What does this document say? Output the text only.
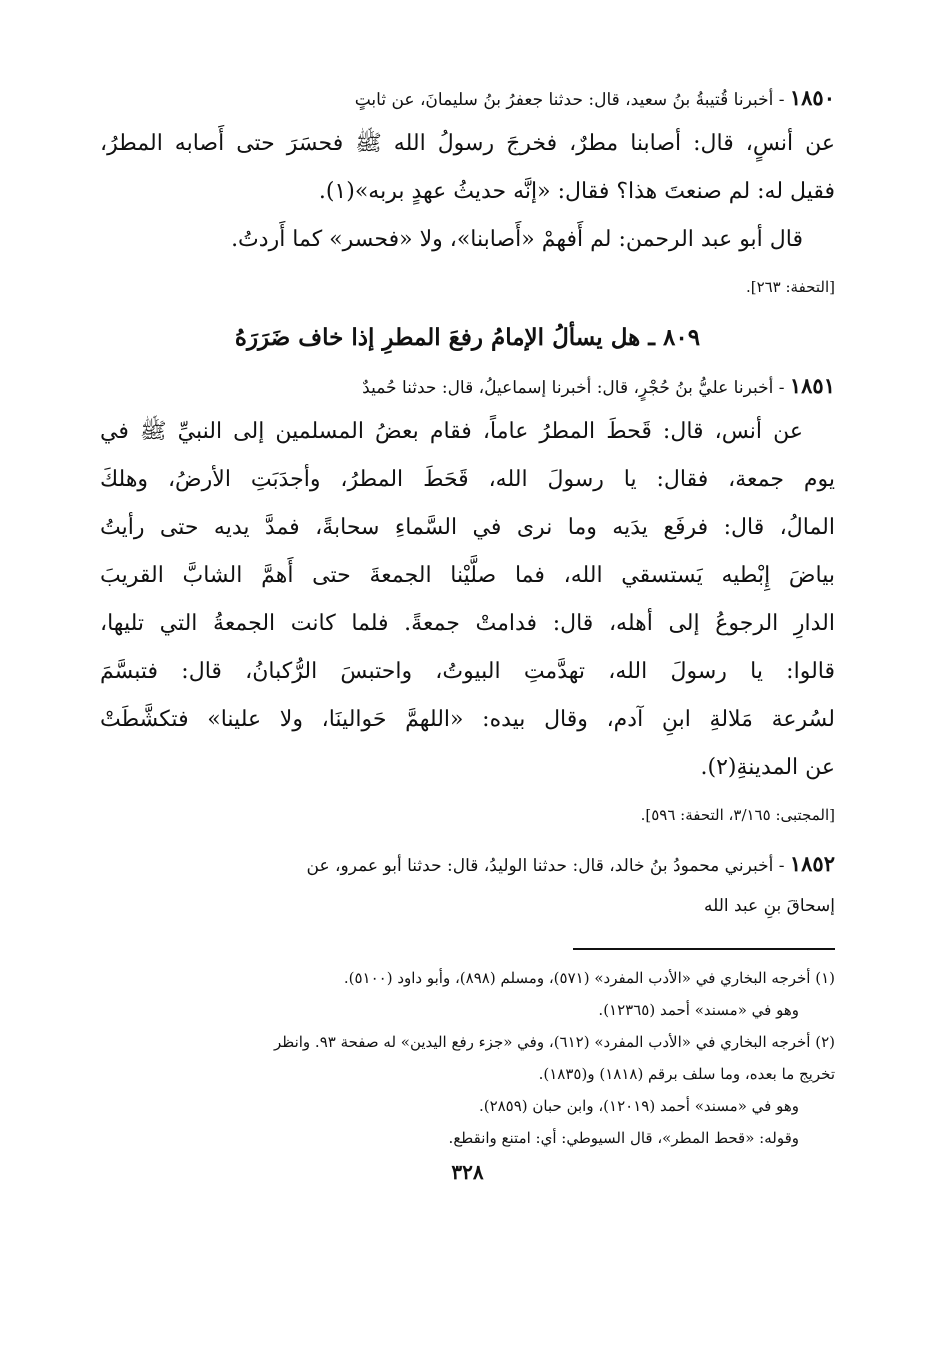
١٨٥٠ - أخبرنا قُتيبةُ بنُ سعيد، قال: حدثنا جعفرُ بنُ سليمانَ، عن ثابتٍ
عن أنسٍ، قال: أصابنا مطرٌ، فخرجَ رسولُ الله ﷺ فحسَرَ حتى أَصابه المطرُ،
فقيل له: لم صنعتَ هذا؟ فقال: «إنَّه حديثُ عهدٍ بربه»(١).
قال أبو عبد الرحمن: لم أَفهمْ «أَصابنا»، ولا «فحسر» كما أَردتُ.
[التحفة: ٢٦٣].
٨٠٩ ـ هل يسألُ الإمامُ رفعَ المطرِ إذا خاف ضَرَرَهُ
١٨٥١ - أخبرنا عليُّ بنُ حُجْرٍ، قال: أخبرنا إسماعيلُ، قال: حدثنا حُميدٌ
عن أنس، قال: قَحطَ المطرُ عاماً، فقام بعضُ المسلمين إلى النبيِّ ﷺ في
يوم جمعة، فقال: يا رسولَ الله، قَحَطَ المطرُ، وأجدَبَتِ الأرضُ، وهلكَ
المالُ، قال: فرفَع يدَيه وما نرى في السَّماءِ سحابةً، فمدَّ يديه حتى رأيتُ
بياضَ إِبْطيه يَستسقي الله، فما صلَّيْنا الجمعةَ حتى أَهمَّ الشابَّ القريبَ
الدارِ الرجوعُ إلى أهله، قال: فدامتْ جمعةً. فلما كانت الجمعةُ التي تليها،
قالوا: يا رسولَ الله، تهدَّمتِ البيوتُ، واحتبسَ الرُّكبانُ، قال: فتبسَّمَ
لسُرعة مَلالةِ ابنِ آدم، وقال بيده: «اللهمَّ حَوالينَا، ولا علينا» فتكشَّطَتْ
عن المدينةِ(٢).
[المجتبى: ٣/١٦٥، التحفة: ٥٩٦].
١٨٥٢ - أخبرني محمودُ بنُ خالد، قال: حدثنا الوليدُ، قال: حدثنا أبو عمرو، عن
إسحاقَ بنِ عبد الله
(١) أخرجه البخاري في «الأدب المفرد» (٥٧١)، ومسلم (٨٩٨)، وأبو داود (٥١٠٠).
وهو في «مسند» أحمد (١٢٣٦٥).
(٢) أخرجه البخاري في «الأدب المفرد» (٦١٢)، وفي «جزء رفع اليدين» له صفحة ٩٣. وانظر
تخريج ما بعده، وما سلف برقم (١٨١٨) و(١٨٣٥).
وهو في «مسند» أحمد (١٢٠١٩)، وابن حبان (٢٨٥٩).
وقوله: «قحط المطر»، قال السيوطي: أي: امتنع وانقطع.
٣٢٨
